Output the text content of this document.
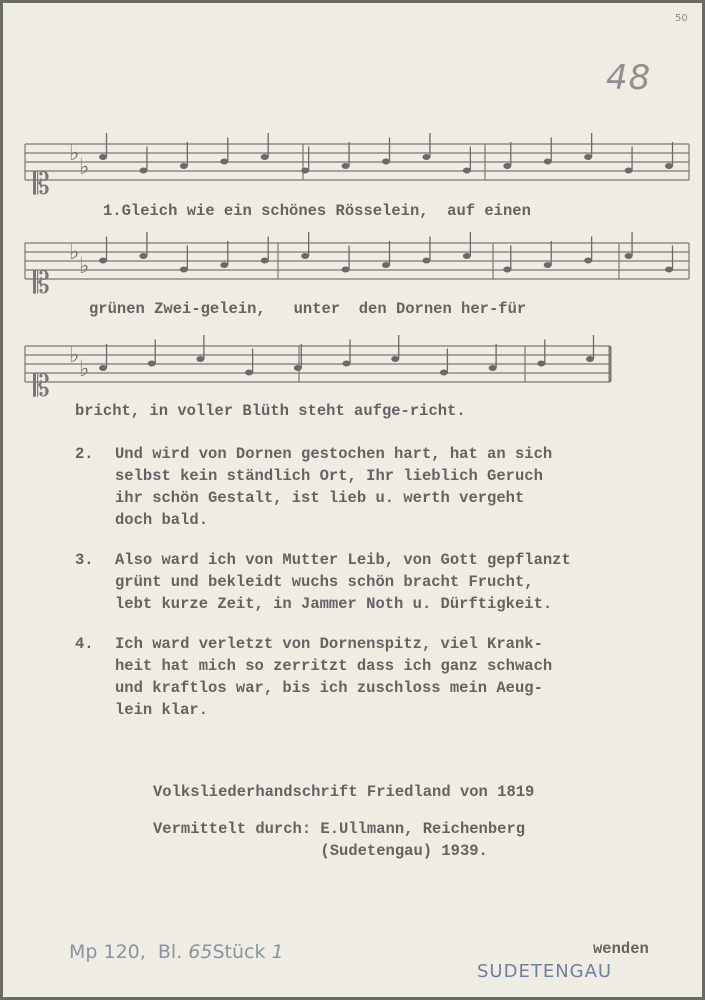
50
48
𝄡
♭
♭
𝄡
♭
♭
𝄡
♭
♭
1.Gleich wie ein schönes Rösselein,  auf einen
grünen Zwei-gelein,   unter  den Dornen her-für
bricht, in voller Blüth steht aufge-richt.
2.	Und wird von Dornen gestochen hart, hat an sich
selbst kein ständlich Ort, Ihr lieblich Geruch
ihr schön Gestalt, ist lieb u. werth vergeht
doch bald.
3.	Also ward ich von Mutter Leib, von Gott gepflanzt
grünt und bekleidt wuchs schön bracht Frucht,
lebt kurze Zeit, in Jammer Noth u. Dürftigkeit.
4.	Ich ward verletzt von Dornenspitz, viel Krank-
heit hat mich so zerritzt dass ich ganz schwach
und kraftlos war, bis ich zuschloss mein Aeug-
lein klar.
Volksliederhandschrift Friedland von 1819
Vermittelt durch: E.Ullmann, Reichenberg
(Sudetengau) 1939.
wenden
Mp 120,  Bl. 65Stück 1
SUDETENGAU
